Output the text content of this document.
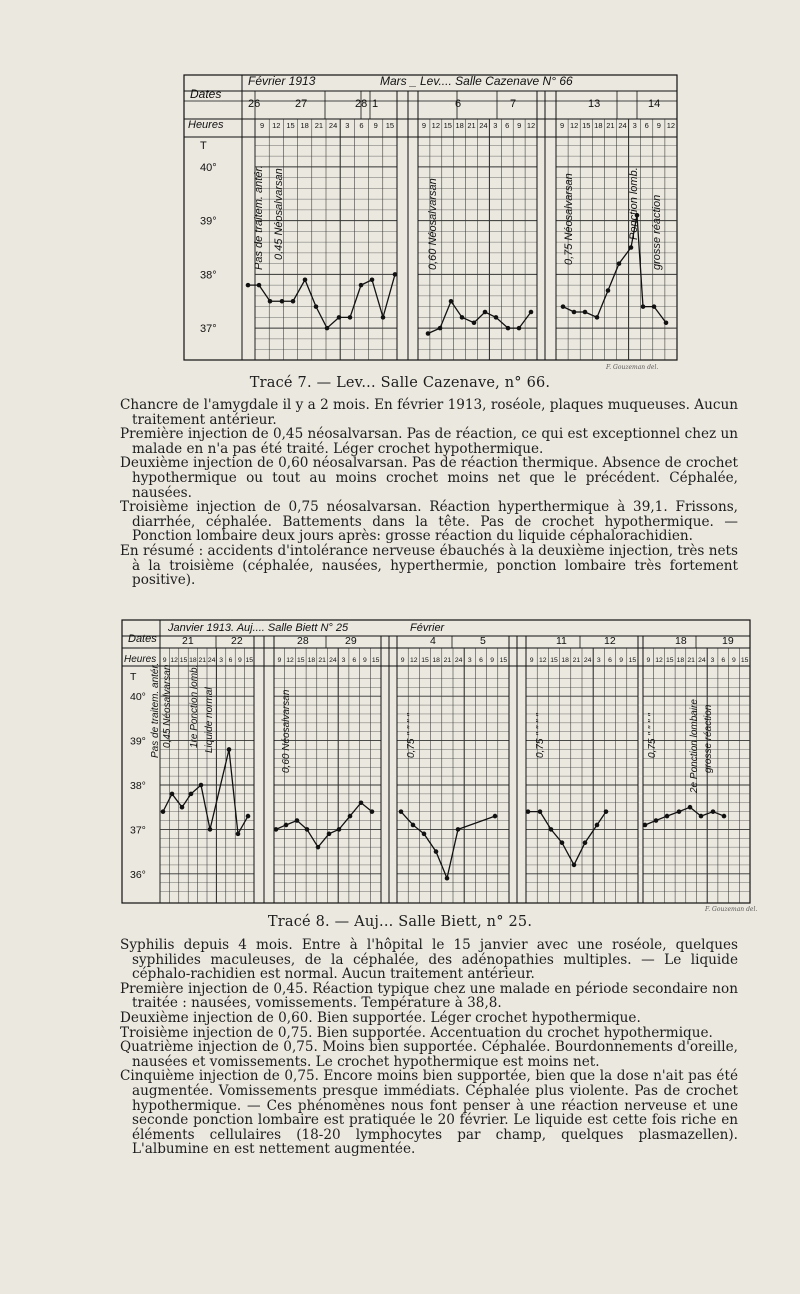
Dates
Heures
Février 1913	Mars _ Lev.... Salle Cazenave N° 66
26	27	28 1	6	7	13	14
9 12 15 18 21 24 3 6 9 15	9 12 15 18 21 24 3 6 9 12	9 12 15 18 21 24 3 6 9 12
T
40°
39°
38°
37°
Pas de traitem. antér. 0,45 Néosalvarsan	0,60 Néosalvarsan	0,75 Néosalvarsan	Ponction lomb. grosse réaction
F. Gouzeman del.
Tracé 7. — Lev... Salle Cazenave, n° 66.

Chancre de l'amygdale il y a 2 mois. En février 1913, roséole, plaques muqueuses. Aucun traitement antérieur.

Première injection de 0,45 néosalvarsan. Pas de réaction, ce qui est exceptionnel chez un malade en n'a pas été traité. Léger crochet hypothermique.

Deuxième injection de 0,60 néosalvarsan. Pas de réaction thermique. Absence de crochet hypothermique ou tout au moins crochet moins net que le précédent. Céphalée, nausées.

Troisième injection de 0,75 néosalvarsan. Réaction hyperthermique à 39,1. Frissons, diarrhée, céphalée. Battements dans la tête. Pas de crochet hypothermique. — Ponction lombaire deux jours après: grosse réaction du liquide céphalorachidien.

En résumé : accidents d'intolérance nerveuse ébauchés à la deuxième injection, très nets à la troisième (céphalée, nausées, hyperthermie, ponction lombaire très fortement positive).

Dates
Heures
Janvier 1913. Auj.... Salle Biett N° 25	Février
21	22	28	29	4	5	11	12	18	19
9 12 15 18 21 24 3 6 9 15	9 12 15 18 21 24 3 6 9 15	9 12 15 18 21 24 3 6 9 15	9 12 15 18 21 24 3 6 9 15 9 12 15 18 21 24 3 6 9 15
T
40°
39°
38°
37°
36°
Pas de traitem. antér. 0,45 Néosalvarsan 1re Ponction lomb. Liquide normal	0,60 Néosalvarsan	0,75 " " " "	0,75 " " " "	0,75 " " " "	2e Ponction lombaire grosse réaction
F. Gouzeman del.
Tracé 8. — Auj... Salle Biett, n° 25.

Syphilis depuis 4 mois. Entre à l'hôpital le 15 janvier avec une roséole, quelques syphilides maculeuses, de la céphalée, des adénopathies multiples. — Le liquide céphalo-rachidien est normal. Aucun traitement antérieur.

Première injection de 0,45. Réaction typique chez une malade en période secondaire non traitée : nausées, vomissements. Température à 38,8.

Deuxième injection de 0,60. Bien supportée. Léger crochet hypothermique.

Troisième injection de 0,75. Bien supportée. Accentuation du crochet hypothermique.

Quatrième injection de 0,75. Moins bien supportée. Céphalée. Bourdonnements d'oreille, nausées et vomissements. Le crochet hypothermique est moins net.

Cinquième injection de 0,75. Encore moins bien supportée, bien que la dose n'ait pas été augmentée. Vomissements presque immédiats. Céphalée plus violente. Pas de crochet hypothermique. — Ces phénomènes nous font penser à une réaction nerveuse et une seconde ponction lombaire est pratiquée le 20 février. Le liquide est cette fois riche en éléments cellulaires (18-20 lymphocytes par champ, quelques plasmazellen). L'albumine en est nettement augmentée.
